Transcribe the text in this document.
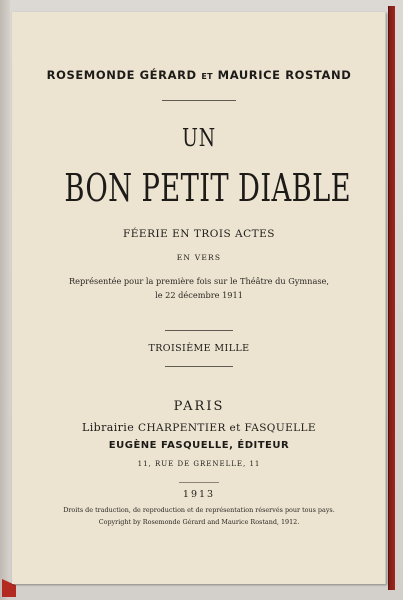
ROSEMONDE GÉRARD ET MAURICE ROSTAND
UN
BON PETIT DIABLE
FÉERIE EN TROIS ACTES
EN VERS
Représentée pour la première fois sur le Théâtre du Gymnase,
le 22 décembre 1911
TROISIÈME MILLE
PARIS
Librairie CHARPENTIER et FASQUELLE
EUGÈNE FASQUELLE, ÉDITEUR
11, RUE DE GRENELLE, 11
1913
Droits de traduction, de reproduction et de représentation réservés pour tous pays.
Copyright by Rosemonde Gérard and Maurice Rostand, 1912.
